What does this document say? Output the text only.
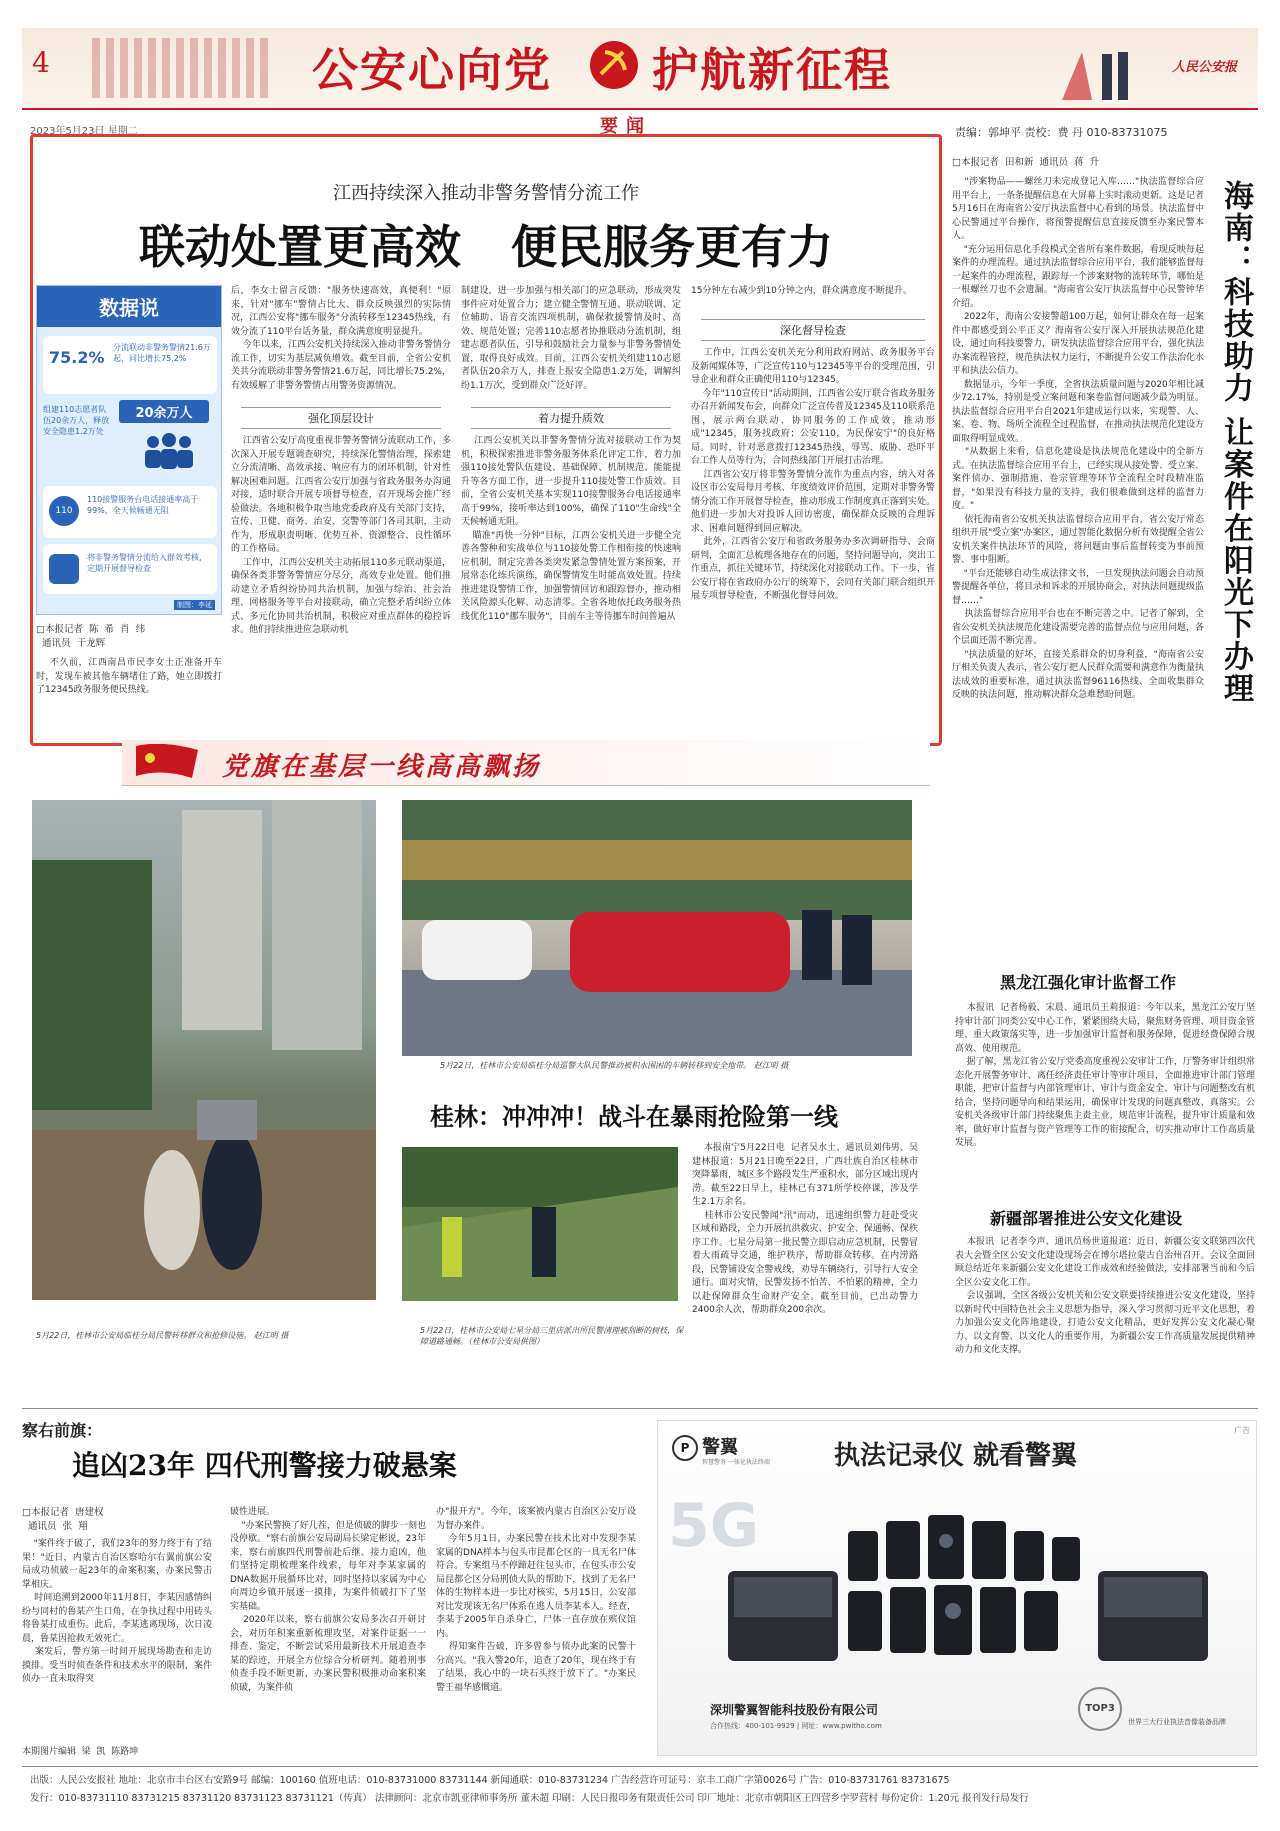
4	公安心向党 护航新征程	人民公安报
2023年5月23日 星期二	要闻	责编：郭坤平 责校：费 丹 010-83731075
江西持续深入推动非警务警情分流工作
联动处置更高效 便民服务更有力
数据说
75.2%
分流联动非警务警情21.6万起，同比增长75.2%
20余万人
组建110志愿者队伍20余万人，释放安全隐患1.2万处
110
110接警服务台电话接通率高于99%，全天候畅通无阻
将非警务警情分流给入群效考核，定期开展督导检查
制图：李延
□本报记者  陈  希  肖  纬
通讯员  干龙辉
不久前，江西南昌市民李女士正准备开车时，发现车被其他车辆堵住了路，她立即拨打了12345政务服务便民热线。
后，李女士留言反馈："服务快速高效，真便利！"原来，针对"挪车"警情占比大、群众反映强烈的实际情况，江西公安将"挪车服务"分流转移至12345热线，有效分流了110平台话务量，群众满意度明显提升。
今年以来，江西公安机关持续深入推动非警务警情分流工作，切实为基层减负增效。截至目前，全省公安机关共分流联动非警务警情21.6万起，同比增长75.2%，有效缓解了非警务警情占用警务资源情况。
强化顶层设计
江西省公安厅高度重视非警务警情分流联动工作，多次深入开展专题调查研究，持续深化警情治理，探索建立分流清晰、高效承接、响应有力的闭环机制，针对性解决困难问题。江西省公安厅加强与省政务服务办沟通对接，适时联合开展专项督导检查，召开现场会推广经验做法。各地积极争取当地党委政府及有关部门支持，宣传、卫健、商务、治安、交警等部门各司其职，主动作为，形成职责明晰、优势互补、资源整合、良性循环的工作格局。
工作中，江西公安机关主动拓展110多元联动渠道，确保各类非警务警情应分尽分，高效专业处置。他们推动建立矛盾纠纷协同共治机制，加强与综治、社会治理、网格服务等平台对接联动，确立完整矛盾纠纷立体式、多元化协同共治机制，积极应对重点群体的稳控诉求。他们持续推进应急联动机
制建设，进一步加强与相关部门的应急联动，形成突发事件应对处置合力；建立健全警情互通、联动联调、定位辅助、语音交流四项机制，确保救援警情及时、高效、规范处置；完善110志愿者协推联动分流机制，组建志愿者队伍，引导和鼓励社会力量参与非警务警情处置，取得良好成效。目前，江西公安机关组建110志愿者队伍20余万人，排查上报安全隐患1.2万处，调解纠纷1.1万次，受到群众广泛好评。
着力提升质效
江西公安机关以非警务警情分流对接联动工作为契机，积极探索推进非警务服务体系化评定工作，着力加强110接处警队伍建设、基础保障、机制规范、能能提升等各方面工作，进一步提升110接处警工作质效。目前，全省公安机关基本实现110接警服务台电话接通率高于99%，接听率达到100%，确保了110"生命线"全天候畅通无阻。
瞄准"再快一分钟"目标，江西公安机关进一步健全完善各警种和实战单位与110接处警工作相衔接的快速响应机制，制定完善各类突发紧急警情处置方案预案，开展常态化练兵演练，确保警情发生时能高效处置。持续推进建设警情工作，加强警情回访和跟踪督办，推动相关风险源头化解、动态清零。全省各地依托政务服务热线优化110"挪车服务"，目前车主等待挪车时间普遍从
15分钟左右减少到10分钟之内，群众满意度不断提升。
深化督导检查
工作中，江西公安机关充分利用政府网站、政务服务平台及新闻媒体等，广泛宣传110与12345等平台的受理范围，引导企业和群众正确使用110与12345。
今年"110宣传日"活动期间，江西省公安厅联合省政务服务办召开新闻发布会，向群众广泛宣传普及12345及110联系范围，展示两台联动、协同服务的工作成效，推动形成"12345，服务找政府；公安110，为民保安宁"的良好格局。同时，针对恶意拨打12345热线，辱骂、威胁、恐吓平台工作人员等行为，合同热线部门开展打击治理。
江西省公安厅将非警务警情分流作为重点内容，纳入对各设区市公安局每月考核、年度绩效评价范围，定期对非警务警情分流工作开展督导检查，推动形成工作制度真正落到实处。他们进一步加大对投诉人回访密度，确保群众反映的合理诉求、困难问题得到回应解决。
此外，江西省公安厅和省政务服务办多次调研指导、会商研判，全面汇总梳理各地存在的问题，坚持问题导向，突出工作重点，抓住关键环节，持续深化对接联动工作。下一步，省公安厅将在省政府办公厅的统筹下，会同有关部门联合组织开展专项督导检查，不断强化督导问效。	海南：科技助力 让案件在阳光下办理
□本报记者  田和新  通讯员  蒋  升
"涉案物品——螺丝刀未完成登记入库……"执法监督综合应用平台上，一条条提醒信息在大屏幕上实时滚动更新。这是记者5月16日在海南省公安厅执法监督中心看到的场景。执法监督中心民警通过平台操作，将预警提醒信息直接反馈至办案民警本人。
"充分运用信息化手段模式全省所有案件数据，看现反映每起案件的办理流程。通过执法监督综合应用平台，我们能够监督每一起案件的办理流程，跟踪每一个涉案财物的流转环节，哪怕是一根螺丝刀也不会遗漏。"海南省公安厅执法监督中心民警钟华介绍。
2022年，海南公安接警超100万起，如何让群众在每一起案件中都感受到公平正义？海南省公安厅深入开展执法规范化建设，通过向科技要警力，研发执法监督综合应用平台，强化执法办案流程管控，规范执法权力运行，不断提升公安工作法治化水平和执法公信力。
数据显示，今年一季度，全省执法质量问题与2020年相比减少72.17%，特别是受立案问题和案卷监督问题减少最为明显。执法监督综合应用平台自2021年建成运行以来，实现警、人、案、卷、物、场所全流程全过程监督，在推动执法规范化建设方面取得明显成效。
"从数据上来看，信息化建设是执法规范化建设中的全新方式。在执法监督综合应用平台上，已经实现从接处警、受立案、案件侦办、强制措施、卷宗管理等环节全流程全时段精准监督，"如果没有科技力量的支持，我们很难做到这样的监督力度。"
依托海南省公安机关执法监督综合应用平台，省公安厅常态组织开展"受立案"办案区，通过智能化数据分析有效提醒全省公安机关案件执法环节的风险，将问题由事后监督转变为事前预警、事中阻断。
"平台还能够自动生成法律文书，一旦发现执法问题会自动预警提醒各单位，将目录和诉求的开展协商会，对执法问题提级监督……"
执法监督综合应用平台也在不断完善之中。记者了解到，全省公安机关执法规范化建设需要完善的监督点位与应用问题，各个层面还需不断完善。
"执法质量的好坏，直接关系群众的切身利益，"海南省公安厅相关负责人表示，省公安厅把人民群众需要和满意作为衡量执法成效的重要标准，通过执法监督96116热线、全面收集群众反映的执法问题，推动解决群众急难愁盼问题。
党旗在基层一线高高飘扬
5月22日，桂林市公安局临桂分局民警转移群众和抢修设施。 赵江明 摄
5月22日，桂林市公安局临桂分局巡警大队民警推动被积水围困的车辆转移到安全地带。 赵江明 摄
桂林：冲冲冲！战斗在暴雨抢险第一线
5月22日，桂林市公安局七星分局三里店派出所民警清理被刮断的树枝，保障道路通畅。（桂林市公安局供图）
本报南宁5月22日电  记者吴水土、通讯员刘伟男、吴建林报道：5月21日晚至22日，广西壮族自治区桂林市突降暴雨，城区多个路段发生严重积水，部分区域出现内涝。截至22日早上，桂林已有371所学校停课，涉及学生2.1万余名。
桂林市公安民警闻"汛"而动，迅速组织警力赶赴受灾区域和路段，全力开展抗洪救灾、护安全、保通畅、保秩序工作。七星分局第一批民警立即启动应急机制，民警冒着大雨疏导交通，维护秩序，帮助群众转移。在内涝路段，民警铺设安全警戒线，劝导车辆绕行，引导行人安全通行。面对灾情，民警发扬不怕苦、不怕累的精神，全力以赴保障群众生命财产安全。截至目前，已出动警力2400余人次，帮助群众200余次。
黑龙江强化审计监督工作
本报讯  记者杨毅、宋晨、通讯员王莉报道：今年以来，黑龙江公安厅坚持审计部门同类公安中心工作，紧紧围绕大局，聚焦财务管理、项目资金管理、重大政策落实等，进一步加强审计监督和服务保障，促进经费保障合规高效、使用规范。
据了解，黑龙江省公安厅党委高度重视公安审计工作，厅警务审计组织常态化开展警务审计、离任经济责任审计等审计项目，全面推进审计部门管理职能，把审计监督与内部管理审计、审计与资金安全、审计与问题整改有机结合，坚持问题导向和结果运用，确保审计发现的问题真整改、真落实。公安机关各级审计部门持续聚焦主责主业，规范审计流程，提升审计质量和效率，做好审计监督与资产管理等工作的衔接配合，切实推动审计工作高质量发展。
新疆部署推进公安文化建设
本报讯  记者李今声、通讯员杨世道报道：近日，新疆公安文联第四次代表大会暨全区公安文化建设现场会在博尔塔拉蒙古自治州召开。会议全面回顾总结近年来新疆公安文化建设工作成效和经验做法，安排部署当前和今后全区公安文化工作。
会议强调，全区各级公安机关和公安文联要持续推进公安文化建设，坚持以新时代中国特色社会主义思想为指导，深入学习贯彻习近平文化思想，着力加强公安文化阵地建设，打造公安文化精品，更好发挥公安文化凝心聚力、以文育警、以文化人的重要作用，为新疆公安工作高质量发展提供精神动力和文化支撑。
察右前旗：
追凶23年 四代刑警接力破悬案
□本报记者  唐建权
通讯员  张  翔
"案件终于破了，我们23年的努力终于有了结果！"近日，内蒙古自治区察哈尔右翼前旗公安局成功侦破一起23年的命案积案，办案民警击掌相庆。
时间追溯到2000年11月8日，李某因感情纠纷与同村的鲁某产生口角，在争执过程中用砖头将鲁某打成重伤。此后，李某逃离现场，次日凌晨，鲁某因抢救无效死亡。
案发后，警方第一时间开展现场勘查和走访摸排。受当时侦查条件和技术水平的限制，案件侦办一直未取得突
本期图片编辑  梁  凯  陈路坤
破性进展。
"办案民警换了好几茬，但是侦破的脚步一刻也没停歇。"察右前旗公安局副局长梁定彬说，23年来，察右前旗四代刑警前赴后继、接力追凶，他们坚持定期梳理案件线索，每年对李某家属的DNA数据开展循环比对，同时坚持以家属为中心向周边乡镇开展逐一摸排，为案件侦破打下了坚实基础。
2020年以来，察右前旗公安局多次召开研讨会，对历年积案重新梳理攻坚，对案件证据一一排查、鉴定，不断尝试采用最新技术开展追查李某的踪迹，开展全方位综合分析研判。随着刑事侦查手段不断更新，办案民警积极推动命案积案侦破，为案件侦
办"报开方"。今年，该案被内蒙古自治区公安厅设为督办案件。
今年5月1日，办案民警在技术比对中发现李某家属的DNA样本与包头市昆都仑区的一具无名尸体符合。专案组马不停蹄赶往包头市，在包头市公安局昆都仑区分局刑侦大队的帮助下，找到了无名尸体的生物样本进一步比对核实，5月15日，公安部对比发现该无名尸体系在逃人员李某本人。经查，李某于2005年自杀身亡，尸体一直存放在殡仪馆内。
得知案件告破，许多曾参与侦办此案的民警十分高兴。"我入警20年，追查了20年，现在终于有了结果，我心中的一块石头终于放下了。"办案民警王福华感慨道。
广告
P 警翼
智慧警务 一体化执法终端 执法记录仪 就看警翼
5G
深圳警翼智能科技股份有限公司
合作热线：400-101-9929 | 网址：www.pwitho.com
TOP3
世界三大行业执法音像装备品牌
出版：人民公安报社 地址：北京市丰台区右安路9号 邮编：100160 值班电话：010-83731000 83731144 新闻通联：010-83731234 广告经营许可证号：京丰工商广字第0026号 广告：010-83731761 83731675
发行：010-83731110 83731215 83731120 83731123 83731121（传真） 法律顾问：北京市凯亚律师事务所 董未超 印刷：人民日报印务有限责任公司 印厂地址：北京市朝阳区王四营乡孛罗营村 每份定价：1.20元 报刊发行局发行
